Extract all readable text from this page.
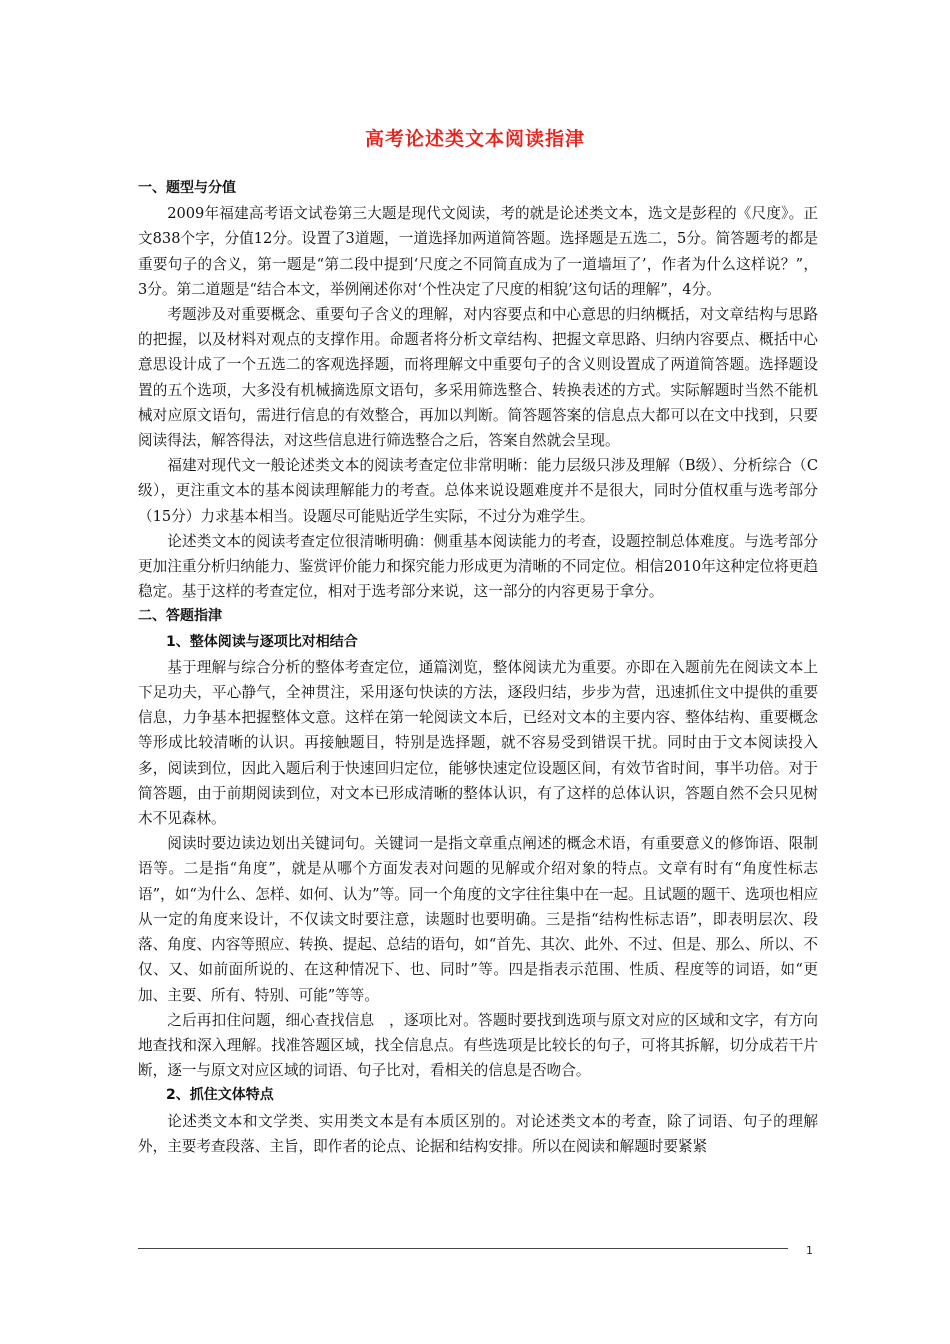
高考论述类文本阅读指津

一、题型与分值

2009年福建高考语文试卷第三大题是现代文阅读，考的就是论述类文本，选文是彭程的《尺度》。正文838个字，分值12分。设置了3道题，一道选择加两道简答题。选择题是五选二，5分。简答题考的都是重要句子的含义，第一题是“第二段中提到‘尺度之不同简直成为了一道墙垣了’，作者为什么这样说？”， 3分。第二道题是“结合本文，举例阐述你对‘个性决定了尺度的相貌’这句话的理解”，4分。

考题涉及对重要概念、重要句子含义的理解，对内容要点和中心意思的归纳概括，对文章结构与思路的把握，以及材料对观点的支撑作用。命题者将分析文章结构、把握文章思路、归纳内容要点、概括中心意思设计成了一个五选二的客观选择题，而将理解文中重要句子的含义则设置成了两道简答题。选择题设置的五个选项，大多没有机械摘选原文语句，多采用筛选整合、转换表述的方式。实际解题时当然不能机械对应原文语句，需进行信息的有效整合，再加以判断。简答题答案的信息点大都可以在文中找到，只要阅读得法，解答得法，对这些信息进行筛选整合之后，答案自然就会呈现。

福建对现代文一般论述类文本的阅读考查定位非常明晰：能力层级只涉及理解（B级）、分析综合（C级），更注重文本的基本阅读理解能力的考查。总体来说设题难度并不是很大，同时分值权重与选考部分（15分）力求基本相当。设题尽可能贴近学生实际，不过分为难学生。

论述类文本的阅读考查定位很清晰明确：侧重基本阅读能力的考查，设题控制总体难度。与选考部分更加注重分析归纳能力、鉴赏评价能力和探究能力形成更为清晰的不同定位。相信2010年这种定位将更趋稳定。基于这样的考查定位，相对于选考部分来说，这一部分的内容更易于拿分。

二、答题指津

1、整体阅读与逐项比对相结合

基于理解与综合分析的整体考查定位，通篇浏览，整体阅读尤为重要。亦即在入题前先在阅读文本上下足功夫，平心静气，全神贯注，采用逐句快读的方法，逐段归结，步步为营，迅速抓住文中提供的重要信息，力争基本把握整体文意。这样在第一轮阅读文本后，已经对文本的主要内容、整体结构、重要概念等形成比较清晰的认识。再接触题目，特别是选择题，就不容易受到错误干扰。同时由于文本阅读投入多，阅读到位，因此入题后利于快速回归定位，能够快速定位设题区间，有效节省时间，事半功倍。对于简答题，由于前期阅读到位，对文本已形成清晰的整体认识，有了这样的总体认识，答题自然不会只见树木不见森林。

阅读时要边读边划出关键词句。关键词一是指文章重点阐述的概念术语，有重要意义的修饰语、限制语等。二是指“角度”，就是从哪个方面发表对问题的见解或介绍对象的特点。文章有时有“角度性标志语”，如“为什么、怎样、如何、认为”等。同一个角度的文字往往集中在一起。且试题的题干、选项也相应从一定的角度来设计，不仅读文时要注意，读题时也要明确。三是指“结构性标志语”，即表明层次、段落、角度、内容等照应、转换、提起、总结的语句，如“首先、其次、此外、不过、但是、那么、所以、不仅、又、如前面所说的、在这种情况下、也、同时”等。四是指表示范围、性质、程度等的词语，如“更加、主要、所有、特别、可能”等等。

之后再扣住问题，细心查找信息　，逐项比对。答题时要找到选项与原文对应的区域和文字，有方向地查找和深入理解。找准答题区域，找全信息点。有些选项是比较长的句子，可将其拆解，切分成若干片断，逐一与原文对应区域的词语、句子比对，看相关的信息是否吻合。

2、抓住文体特点

论述类文本和文学类、实用类文本是有本质区别的。对论述类文本的考查，除了词语、句子的理解外，主要考查段落、主旨，即作者的论点、论据和结构安排。所以在阅读和解题时要紧紧

1
